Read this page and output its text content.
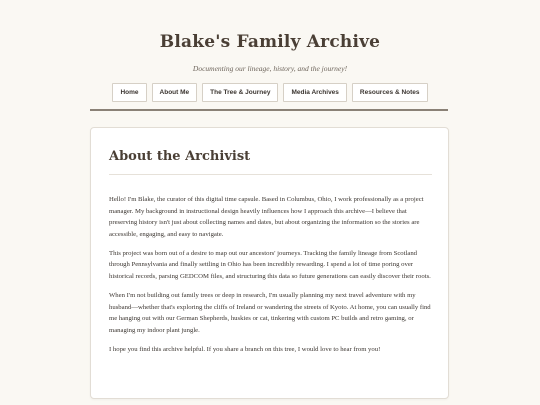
Blake's Family Archive

Documenting our lineage, history, and the journey!

Home	About Me	The Tree & Journey	Media Archives	Resources & Notes
About the Archivist

Hello! I'm Blake, the curator of this digital time capsule. Based in Columbus, Ohio, I work professionally as a project manager. My background in instructional design heavily influences how I approach this archive—I believe that preserving history isn't just about collecting names and dates, but about organizing the information so the stories are accessible, engaging, and easy to navigate.

This project was born out of a desire to map out our ancestors' journeys. Tracking the family lineage from Scotland through Pennsylvania and finally settling in Ohio has been incredibly rewarding. I spend a lot of time poring over historical records, parsing GEDCOM files, and structuring this data so future generations can easily discover their roots.

When I'm not building out family trees or deep in research, I'm usually planning my next travel adventure with my husband—whether that's exploring the cliffs of Ireland or wandering the streets of Kyoto. At home, you can usually find me hanging out with our German Shepherds, huskies or cat, tinkering with custom PC builds and retro gaming, or managing my indoor plant jungle.

I hope you find this archive helpful. If you share a branch on this tree, I would love to hear from you!
